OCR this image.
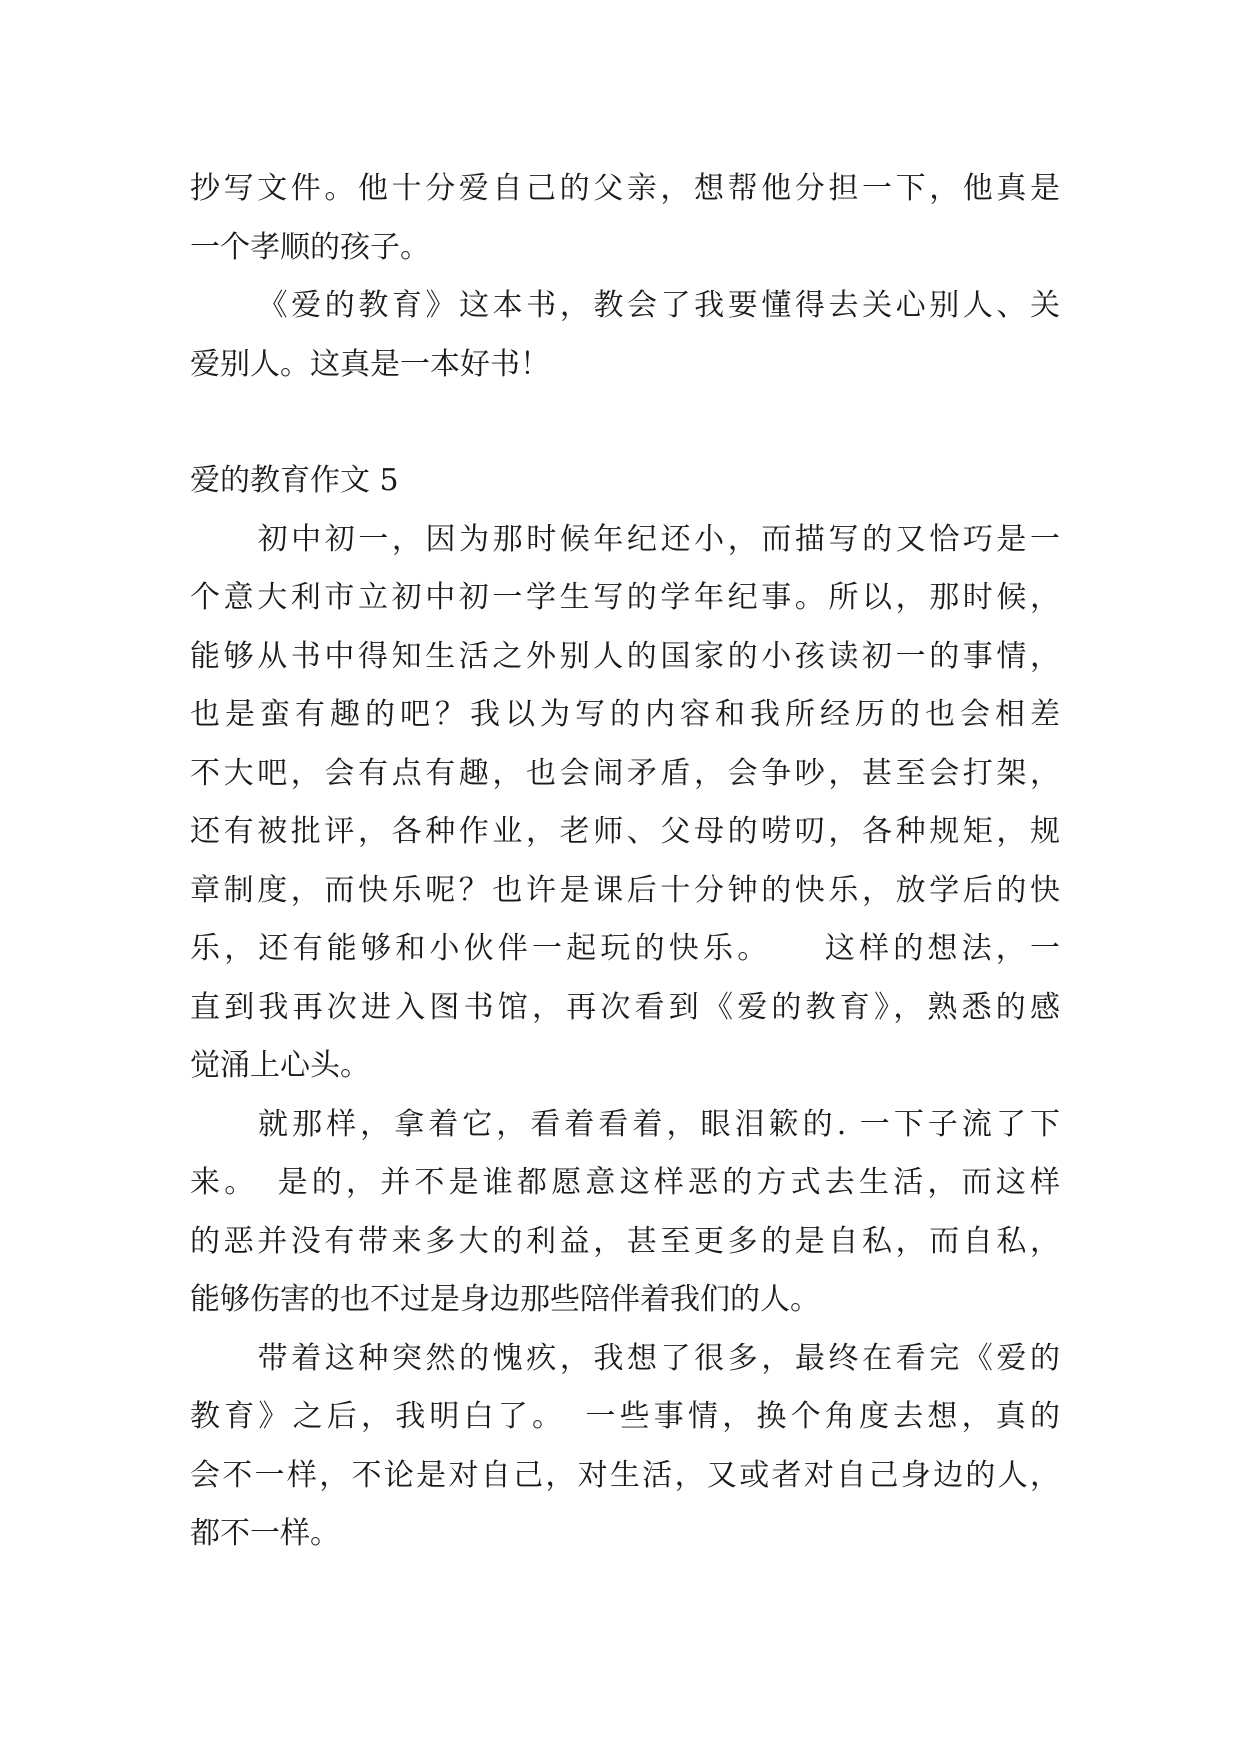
抄写文件。他十分爱自己的父亲，想帮他分担一下，他真是
一个孝顺的孩子。
《爱的教育》这本书，教会了我要懂得去关心别人、关
爱别人。这真是一本好书！
爱的教育作文 5
初中初一，因为那时候年纪还小，而描写的又恰巧是一
个意大利市立初中初一学生写的学年纪事。所以，那时候，
能够从书中得知生活之外别人的国家的小孩读初一的事情，
也是蛮有趣的吧？我以为写的内容和我所经历的也会相差
不大吧，会有点有趣，也会闹矛盾，会争吵，甚至会打架，
还有被批评，各种作业，老师、父母的唠叨，各种规矩，规
章制度，而快乐呢？也许是课后十分钟的快乐，放学后的快
乐，还有能够和小伙伴一起玩的快乐。　　这样的想法，一
直到我再次进入图书馆，再次看到《爱的教育》，熟悉的感
觉涌上心头。
就那样，拿着它，看着看着，眼泪簌的. 一下子流了下
来。　是的，并不是谁都愿意这样恶的方式去生活，而这样
的恶并没有带来多大的利益，甚至更多的是自私，而自私，
能够伤害的也不过是身边那些陪伴着我们的人。
带着这种突然的愧疚，我想了很多，最终在看完《爱的
教育》之后，我明白了。　一些事情，换个角度去想，真的
会不一样，不论是对自己，对生活，又或者对自己身边的人，
都不一样。
